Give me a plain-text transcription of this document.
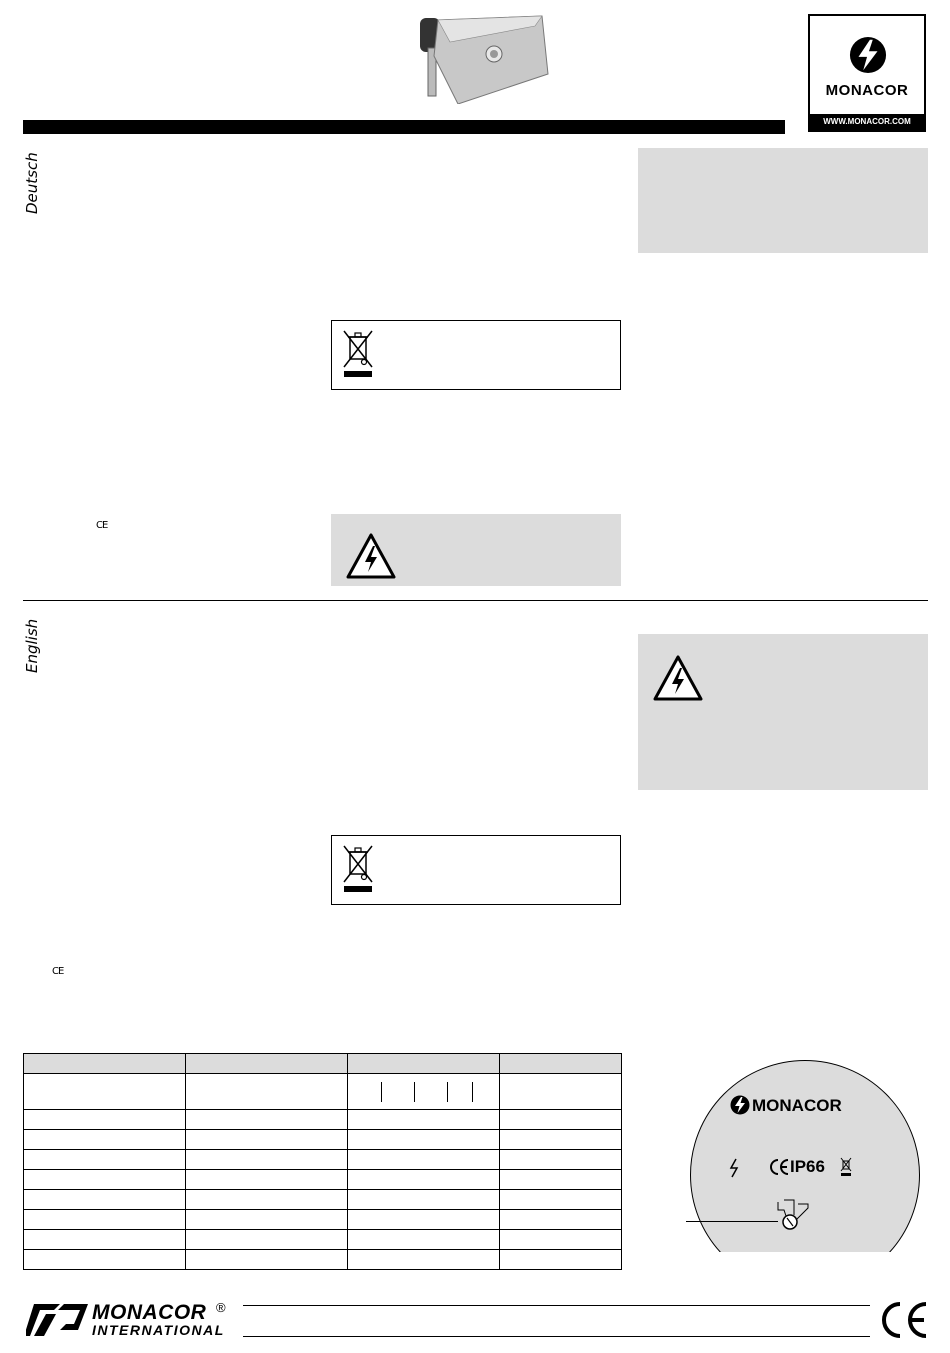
MONACOR
WWW.MONACOR.COM
Deutsch
English
CE
CE

MONACOR
IP66
MONACOR ®
INTERNATIONAL
